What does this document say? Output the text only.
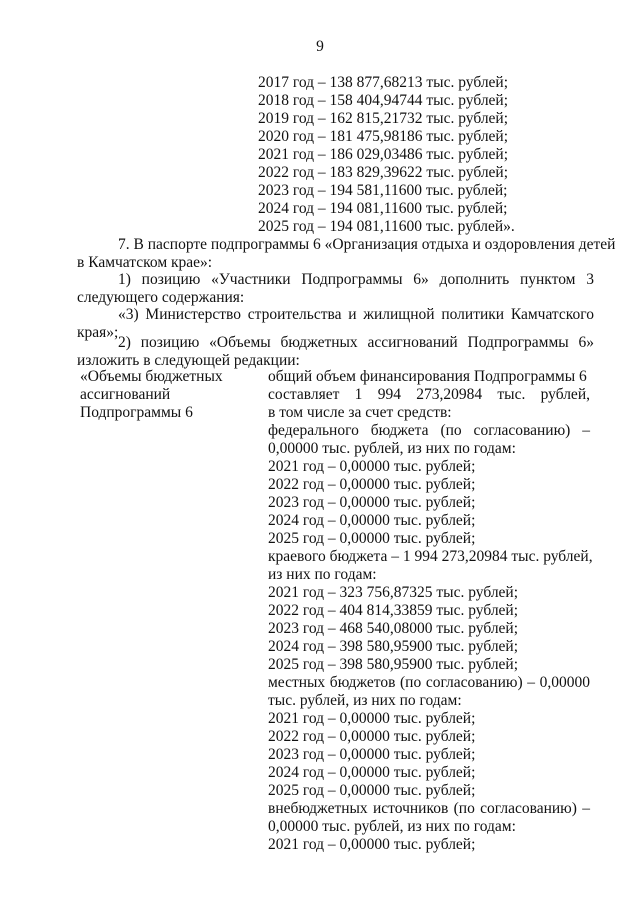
9
2017 год – 138 877,68213 тыс. рублей;
2018 год – 158 404,94744 тыс. рублей;
2019 год – 162 815,21732 тыс. рублей;
2020 год – 181 475,98186 тыс. рублей;
2021 год – 186 029,03486 тыс. рублей;
2022 год – 183 829,39622 тыс. рублей;
2023 год – 194 581,11600 тыс. рублей;
2024 год – 194 081,11600 тыс. рублей;
2025 год – 194 081,11600 тыс. рублей».
7. В паспорте подпрограммы 6 «Организация отдыха и оздоровления детей
в Камчатском крае»:
1) позицию «Участники Подпрограммы 6» дополнить пунктом 3
следующего содержания:
«3) Министерство строительства и жилищной политики Камчатского
края»;
2) позицию «Объемы бюджетных ассигнований Подпрограммы 6»
изложить в следующей редакции:
«Объемы бюджетных
ассигнований
Подпрограммы 6
общий объем финансирования Подпрограммы 6
составляет 1 994 273,20984 тыс. рублей,
в том числе за счет средств:
федерального бюджета (по согласованию) –
0,00000 тыс. рублей, из них по годам:
2021 год – 0,00000 тыс. рублей;
2022 год – 0,00000 тыс. рублей;
2023 год – 0,00000 тыс. рублей;
2024 год – 0,00000 тыс. рублей;
2025 год – 0,00000 тыс. рублей;
краевого бюджета – 1 994 273,20984 тыс. рублей,
из них по годам:
2021 год – 323 756,87325 тыс. рублей;
2022 год – 404 814,33859 тыс. рублей;
2023 год – 468 540,08000 тыс. рублей;
2024 год – 398 580,95900 тыс. рублей;
2025 год – 398 580,95900 тыс. рублей;
местных бюджетов (по согласованию) – 0,00000
тыс. рублей, из них по годам:
2021 год – 0,00000 тыс. рублей;
2022 год – 0,00000 тыс. рублей;
2023 год – 0,00000 тыс. рублей;
2024 год – 0,00000 тыс. рублей;
2025 год – 0,00000 тыс. рублей;
внебюджетных источников (по согласованию) –
0,00000 тыс. рублей, из них по годам:
2021 год – 0,00000 тыс. рублей;
